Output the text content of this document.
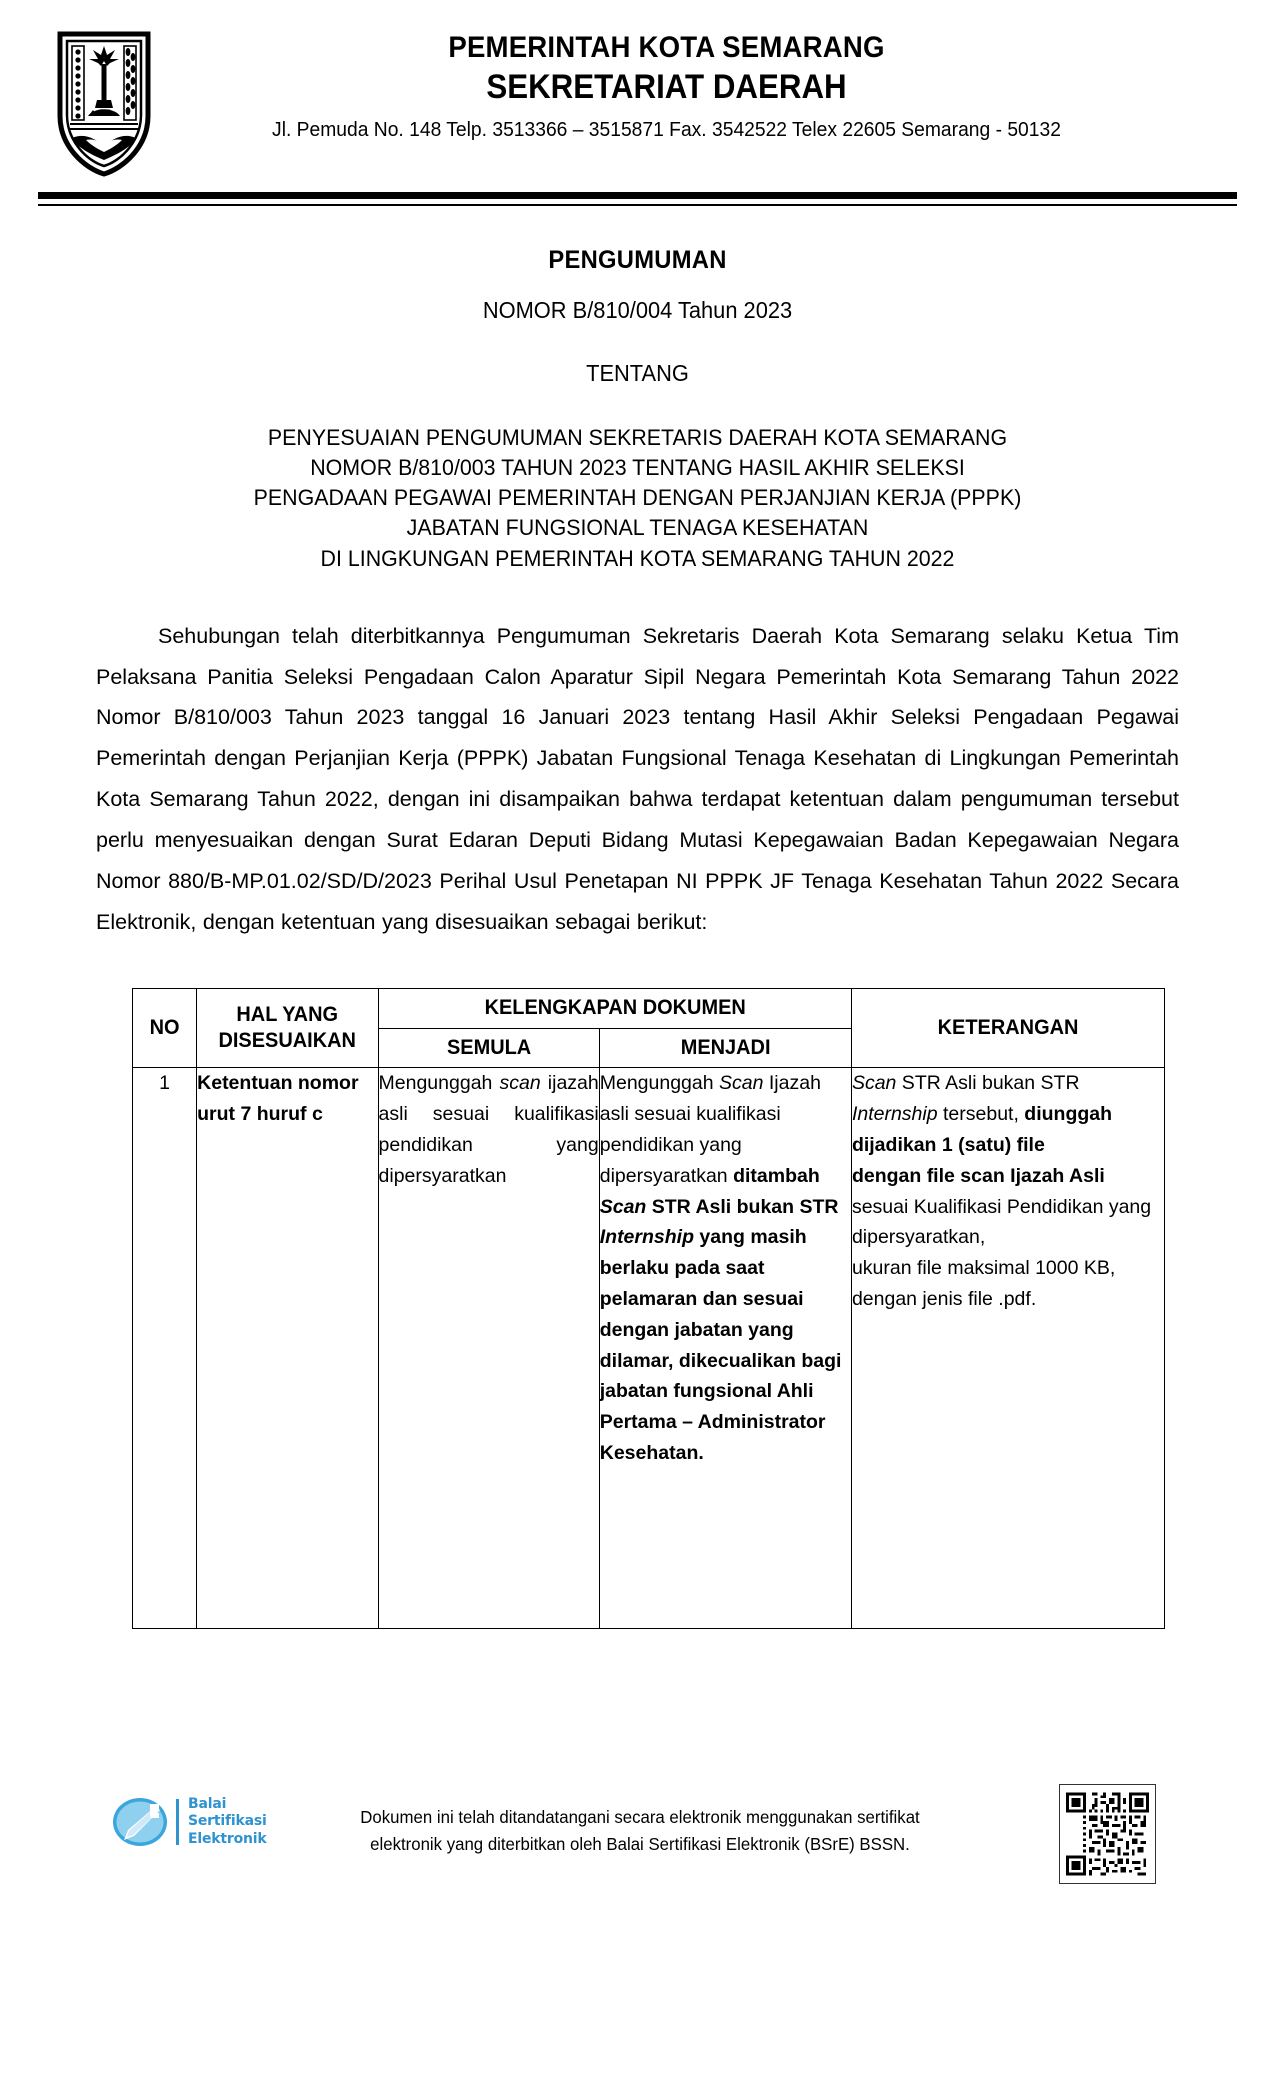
PEMERINTAH KOTA SEMARANG
SEKRETARIAT DAERAH
Jl. Pemuda No. 148 Telp. 3513366 – 3515871 Fax. 3542522 Telex 22605 Semarang - 50132
PENGUMUMAN
NOMOR B/810/004 Tahun 2023
TENTANG
PENYESUAIAN PENGUMUMAN SEKRETARIS DAERAH KOTA SEMARANG
NOMOR B/810/003 TAHUN 2023 TENTANG HASIL AKHIR SELEKSI
PENGADAAN PEGAWAI PEMERINTAH DENGAN PERJANJIAN KERJA (PPPK)
JABATAN FUNGSIONAL TENAGA KESEHATAN
DI LINGKUNGAN PEMERINTAH KOTA SEMARANG TAHUN 2022
Sehubungan telah diterbitkannya Pengumuman Sekretaris Daerah Kota Semarang selaku Ketua Tim Pelaksana Panitia Seleksi Pengadaan Calon Aparatur Sipil Negara Pemerintah Kota Semarang Tahun 2022 Nomor B/810/003 Tahun 2023 tanggal 16 Januari 2023 tentang Hasil Akhir Seleksi Pengadaan Pegawai Pemerintah dengan Perjanjian Kerja (PPPK) Jabatan Fungsional Tenaga Kesehatan di Lingkungan Pemerintah Kota Semarang Tahun 2022, dengan ini disampaikan bahwa terdapat ketentuan dalam pengumuman tersebut perlu menyesuaikan dengan Surat Edaran Deputi Bidang Mutasi Kepegawaian Badan Kepegawaian Negara Nomor 880/B-MP.01.02/SD/D/2023 Perihal Usul Penetapan NI PPPK JF Tenaga Kesehatan Tahun 2022 Secara Elektronik, dengan ketentuan yang disesuaikan sebagai berikut:
NO	HAL YANG DISESUAIKAN	KELENGKAPAN DOKUMEN		KETERANGAN

		SEMULA	MENJADI	

1	Ketentuan nomor urut 7 huruf c	Mengunggah scan ijazah asli sesuai kualifikasi pendidikan yang dipersyaratkan	Mengunggah Scan Ijazah asli sesuai kualifikasi pendidikan yang dipersyaratkan ditambah Scan STR Asli bukan STR Internship yang masih berlaku pada saat  pelamaran dan sesuai dengan jabatan yang dilamar, dikecualikan bagi jabatan fungsional Ahli Pertama – Administrator Kesehatan.	Scan STR Asli bukan STR Internship tersebut, diunggah dijadikan 1 (satu) file
dengan file scan Ijazah Asli sesuai Kualifikasi Pendidikan yang dipersyaratkan,
ukuran file maksimal 1000 KB, dengan jenis file .pdf.
Balai
Sertifikasi
Elektronik
Dokumen ini telah ditandatangani secara elektronik menggunakan sertifikat
elektronik yang diterbitkan oleh Balai Sertifikasi Elektronik (BSrE) BSSN.
